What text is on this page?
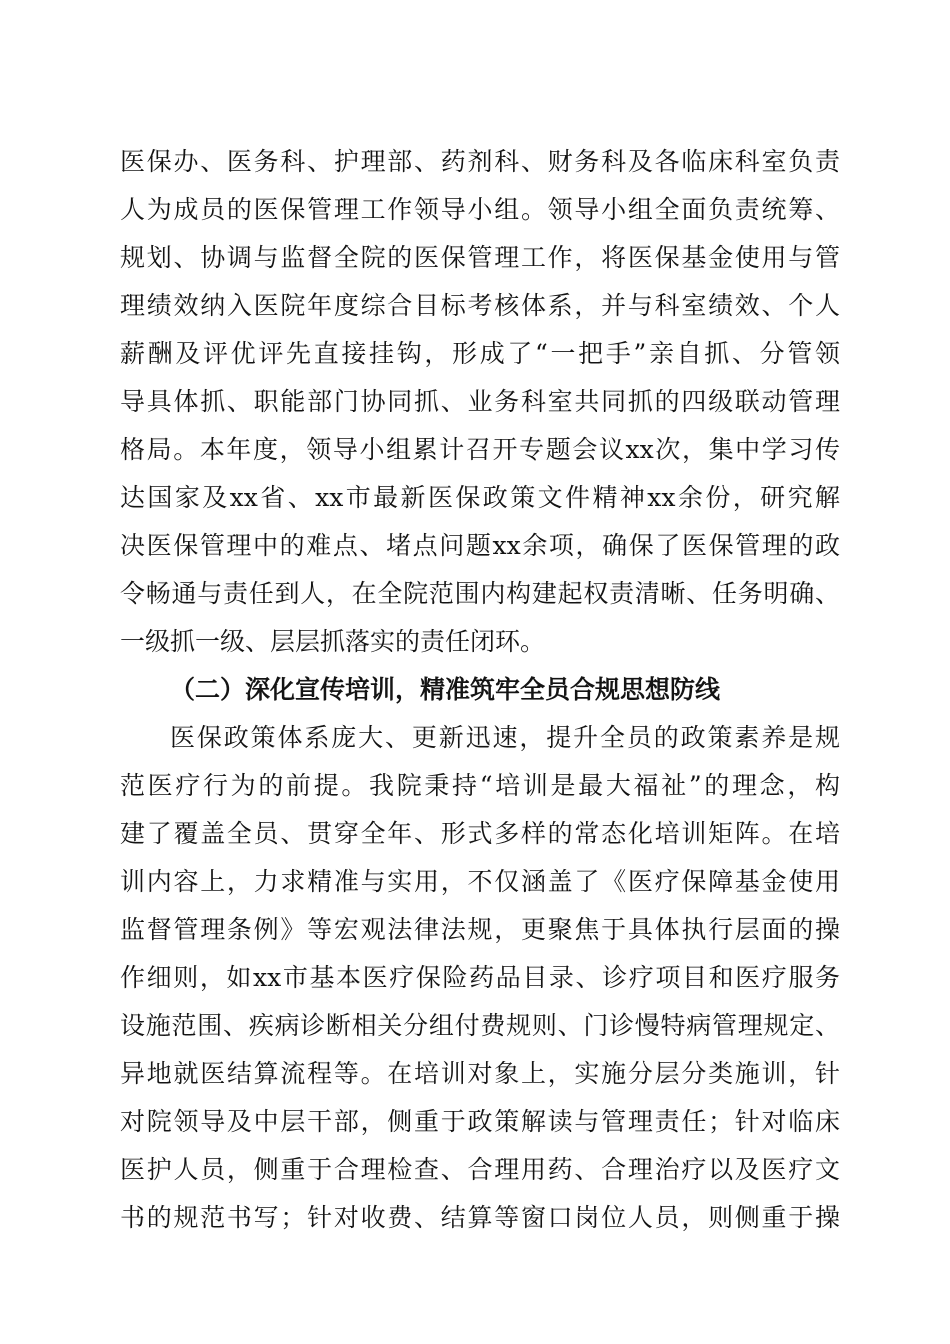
医保办、医务科、护理部、药剂科、财务科及各临床科室负责
人为成员的医保管理工作领导小组。领导小组全面负责统筹、
规划、协调与监督全院的医保管理工作，将医保基金使用与管
理绩效纳入医院年度综合目标考核体系，并与科室绩效、个人
薪酬及评优评先直接挂钩，形成了“一把手”亲自抓、分管领
导具体抓、职能部门协同抓、业务科室共同抓的四级联动管理
格局。本年度，领导小组累计召开专题会议xx次，集中学习传
达国家及xx省、xx市最新医保政策文件精神xx余份，研究解
决医保管理中的难点、堵点问题xx余项，确保了医保管理的政
令畅通与责任到人，在全院范围内构建起权责清晰、任务明确、
一级抓一级、层层抓落实的责任闭环。
（二）深化宣传培训，精准筑牢全员合规思想防线
医保政策体系庞大、更新迅速，提升全员的政策素养是规
范医疗行为的前提。我院秉持“培训是最大福祉”的理念，构
建了覆盖全员、贯穿全年、形式多样的常态化培训矩阵。在培
训内容上，力求精准与实用，不仅涵盖了《医疗保障基金使用
监督管理条例》等宏观法律法规，更聚焦于具体执行层面的操
作细则，如xx市基本医疗保险药品目录、诊疗项目和医疗服务
设施范围、疾病诊断相关分组付费规则、门诊慢特病管理规定、
异地就医结算流程等。在培训对象上，实施分层分类施训，针
对院领导及中层干部，侧重于政策解读与管理责任；针对临床
医护人员，侧重于合理检查、合理用药、合理治疗以及医疗文
书的规范书写；针对收费、结算等窗口岗位人员，则侧重于操
